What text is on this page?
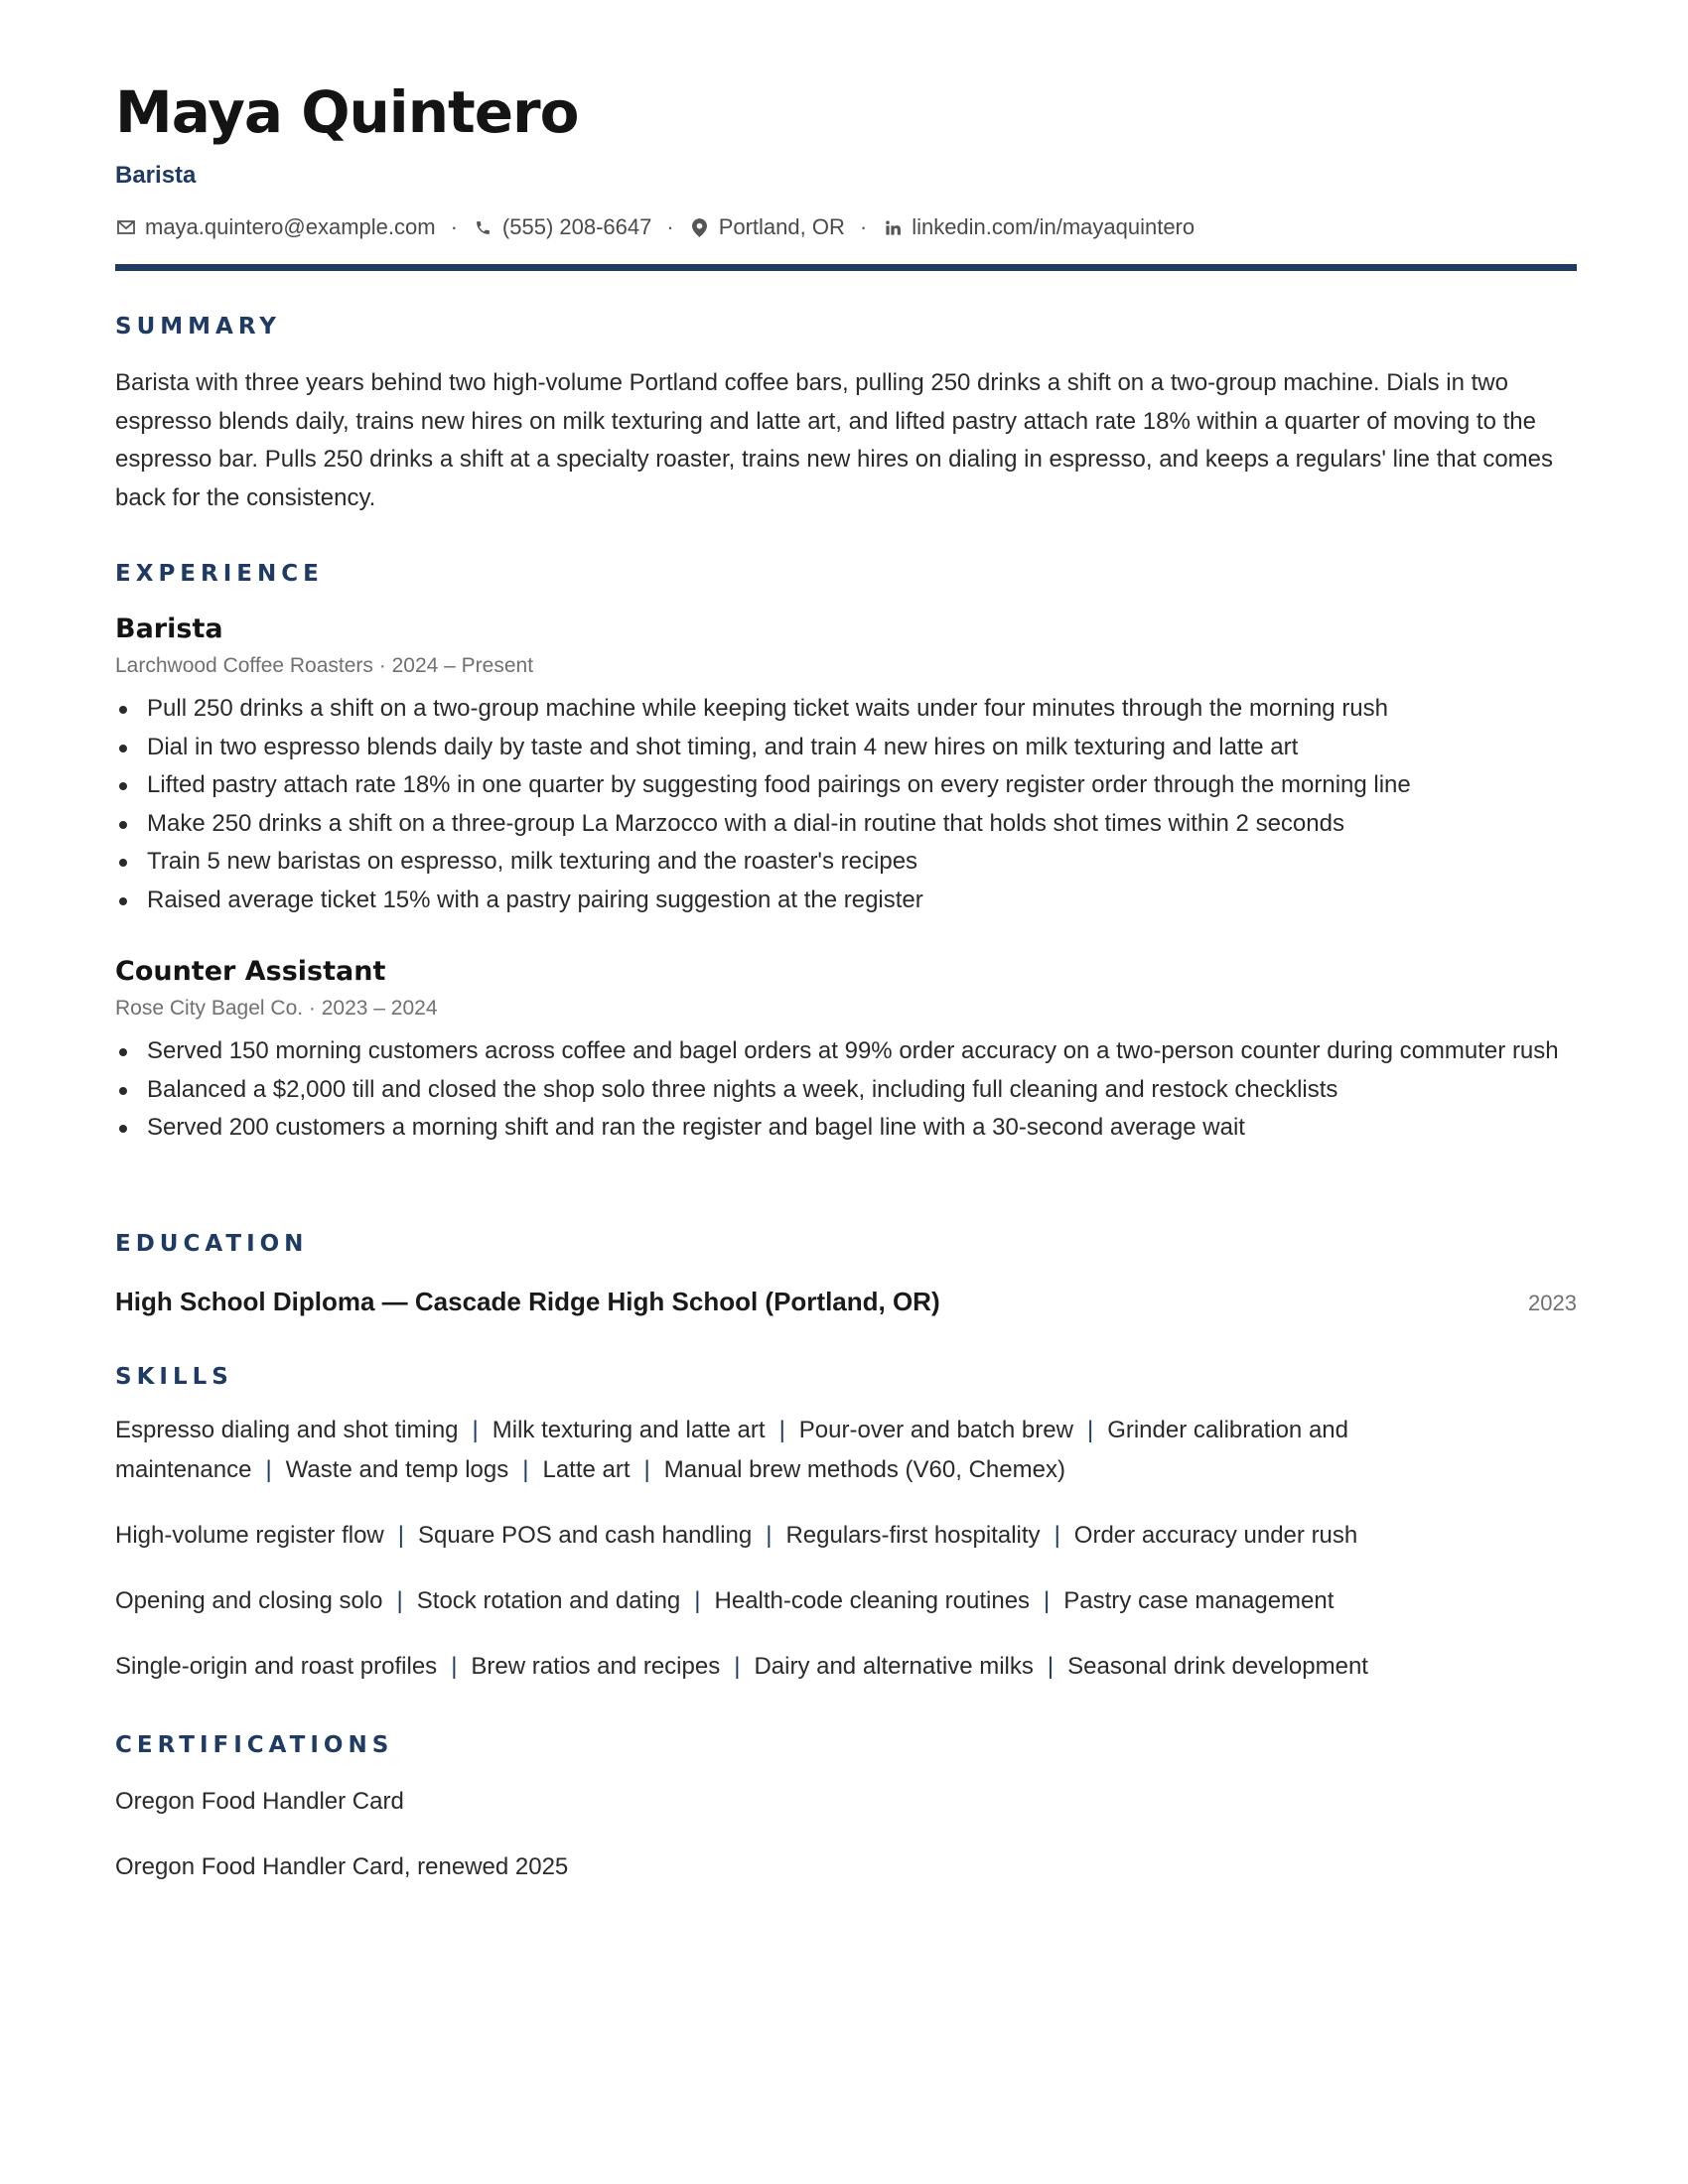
Maya Quintero
Barista
maya.quintero@example.com · (555) 208-6647 · Portland, OR · linkedin.com/in/mayaquintero
SUMMARY

Barista with three years behind two high-volume Portland coffee bars, pulling 250 drinks a shift on a two-group machine. Dials in two espresso blends daily, trains new hires on milk texturing and latte art, and lifted pastry attach rate 18% within a quarter of moving to the espresso bar. Pulls 250 drinks a shift at a specialty roaster, trains new hires on dialing in espresso, and keeps a regulars' line that comes back for the consistency.

EXPERIENCE
Barista
Larchwood Coffee Roasters · 2024 – Present
Pull 250 drinks a shift on a two-group machine while keeping ticket waits under four minutes through the morning rush
Dial in two espresso blends daily by taste and shot timing, and train 4 new hires on milk texturing and latte art
Lifted pastry attach rate 18% in one quarter by suggesting food pairings on every register order through the morning line
Make 250 drinks a shift on a three-group La Marzocco with a dial-in routine that holds shot times within 2 seconds
Train 5 new baristas on espresso, milk texturing and the roaster's recipes
Raised average ticket 15% with a pastry pairing suggestion at the register
Counter Assistant
Rose City Bagel Co. · 2023 – 2024
Served 150 morning customers across coffee and bagel orders at 99% order accuracy on a two-person counter during commuter rush
Balanced a $2,000 till and closed the shop solo three nights a week, including full cleaning and restock checklists
Served 200 customers a morning shift and ran the register and bagel line with a 30-second average wait
EDUCATION
High School Diploma — Cascade Ridge High School (Portland, OR)	2023
SKILLS
Espresso dialing and shot timing | Milk texturing and latte art | Pour-over and batch brew | Grinder calibration and maintenance | Waste and temp logs | Latte art | Manual brew methods (V60, Chemex)
High-volume register flow | Square POS and cash handling | Regulars-first hospitality | Order accuracy under rush
Opening and closing solo | Stock rotation and dating | Health-code cleaning routines | Pastry case management
Single-origin and roast profiles | Brew ratios and recipes | Dairy and alternative milks | Seasonal drink development
CERTIFICATIONS
Oregon Food Handler Card
Oregon Food Handler Card, renewed 2025
